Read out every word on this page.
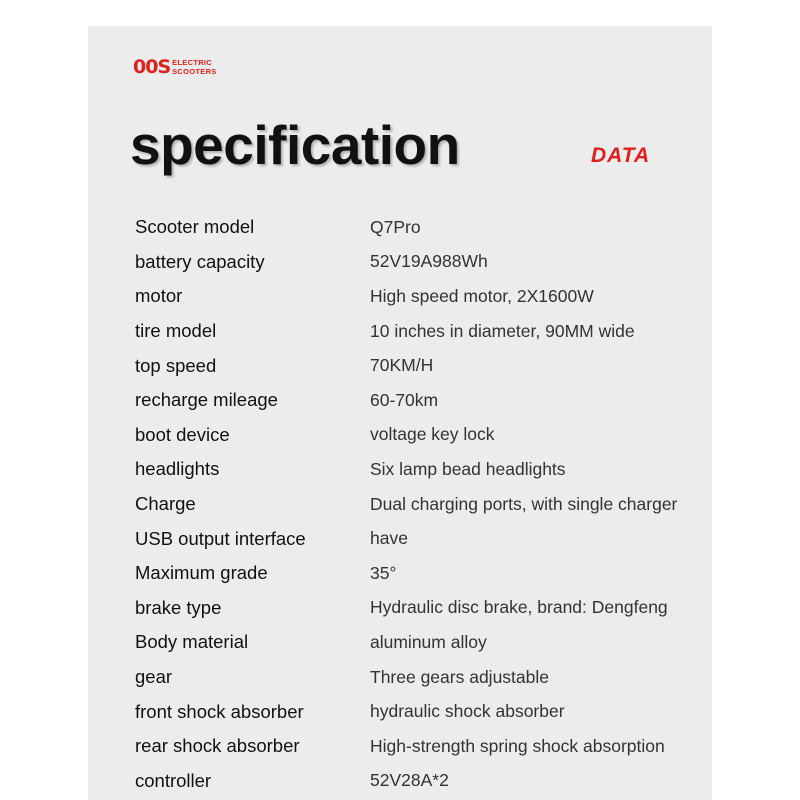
00S ELECTRIC
SCOOTERS
specification	DATA
Scooter model	Q7Pro
battery capacity	52V19A988Wh
motor	High speed motor, 2X1600W
tire model	10 inches in diameter, 90MM wide
top speed	70KM/H
recharge mileage	60-70km
boot device	voltage key lock
headlights	Six lamp bead headlights
Charge	Dual charging ports, with single charger
USB output interface	have
Maximum grade	35°
brake type	Hydraulic disc brake, brand: Dengfeng
Body material	aluminum alloy
gear	Three gears adjustable
front shock absorber	hydraulic shock absorber
rear shock absorber	High-strength spring shock absorption
controller	52V28A*2
